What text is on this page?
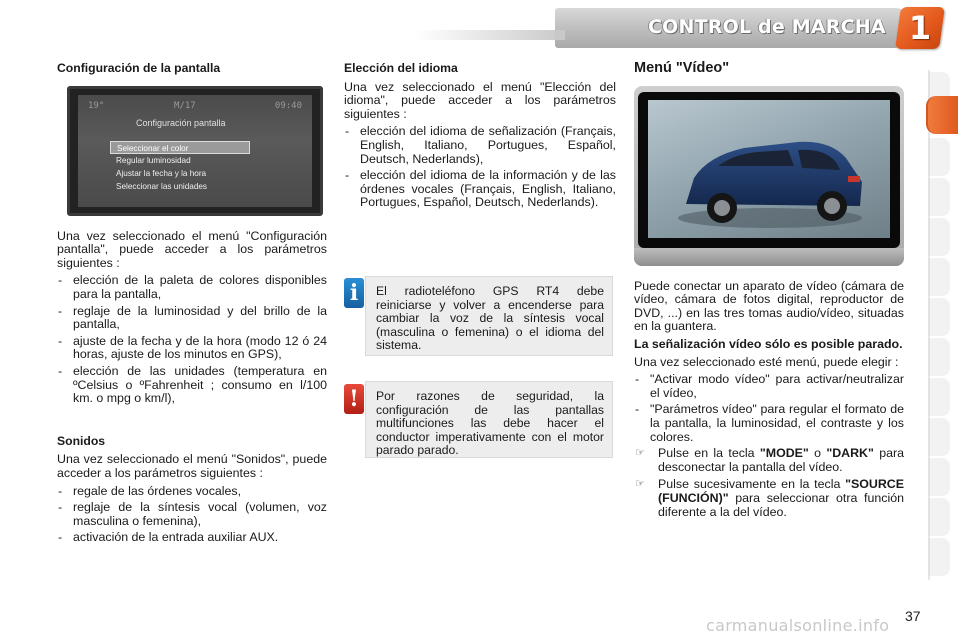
CONTROL de MARCHA 1
Configuración de la pantalla
19°	M/17	09:40
Configuración pantalla
Seleccionar el color
Regular luminosidad
Ajustar la fecha y la hora
Seleccionar las unidades

Una vez seleccionado el menú "Configuración pantalla", puede acceder a los parámetros siguientes :

- elección de la paleta de colores disponibles para la pantalla,
- reglaje de la luminosidad y del brillo de la pantalla,
- ajuste de la fecha y de la hora (modo 12 ó 24 horas, ajuste de los minutos en GPS),
- elección de las unidades (temperatura en ºCelsius o ºFahrenheit ; consumo en l/100 km. o mpg o km/l),
Sonidos

Una vez seleccionado el menú "Sonidos", puede acceder a los parámetros siguientes :

- regale de las órdenes vocales,
- reglaje de la síntesis vocal (volumen, voz masculina o femenina),
- activación de la entrada auxiliar AUX.
Elección del idioma

Una vez seleccionado el menú "Elección del idioma", puede acceder a los parámetros siguientes :

- elección del idioma de señalización (Français, English, Italiano, Portugues, Español, Deutsch, Nederlands),
- elección del idioma de la información y de las órdenes vocales (Français, English, Italiano, Portugues, Español, Deutsch, Nederlands).
i	El radioteléfono GPS RT4 debe reiniciarse y volver a encenderse para cambiar la voz de la síntesis vocal (masculina o femenina) o el idioma del sistema.
!	Por razones de seguridad, la configuración de las pantallas multifunciones las debe hacer el conductor imperativamente con el motor parado parado.
Menú "Vídeo"

Puede conectar un aparato de vídeo (cámara de vídeo, cámara de fotos digital, reproductor de DVD, ...) en las tres tomas audio/vídeo, situadas en la guantera.

La señalización vídeo sólo es posible parado.

Una vez seleccionado esté menú, puede elegir :

- "Activar modo vídeo" para activar/neutralizar el vídeo,
- "Parámetros vídeo" para regular el formato de la pantalla, la luminosidad, el contraste y los colores.
☞ Pulse en la tecla "MODE" o "DARK" para desconectar la pantalla del vídeo.
☞ Pulse sucesivamente en la tecla "SOURCE (FUNCIÓN)" para seleccionar otra función diferente a la del vídeo.
carmanualsonline.info 37
